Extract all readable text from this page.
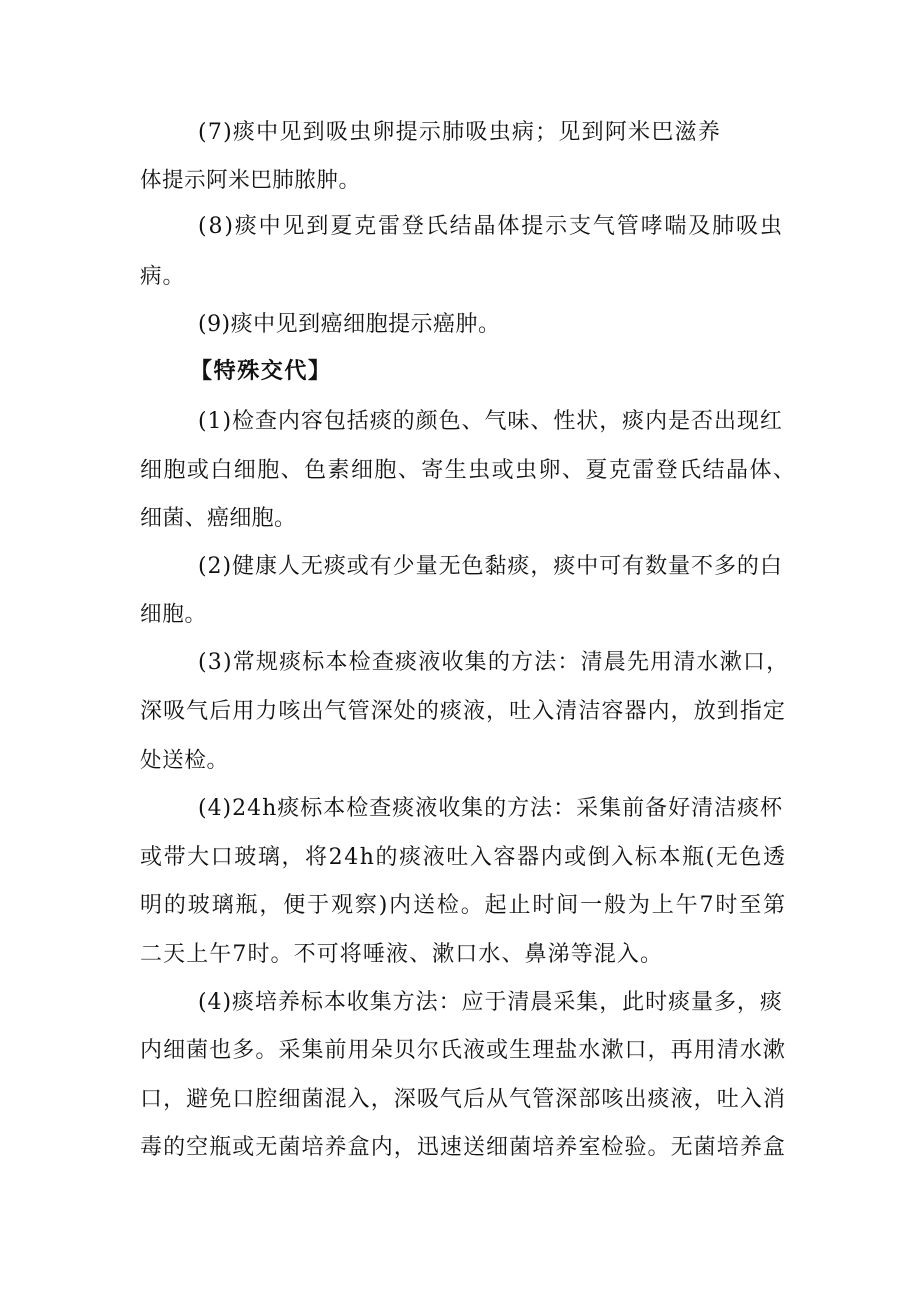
(7)痰中见到吸虫卵提示肺吸虫病；见到阿米巴滋养
体提示阿米巴肺脓肿。
(8)痰中见到夏克雷登氏结晶体提示支气管哮喘及肺吸虫
病。
(9)痰中见到癌细胞提示癌肿。
【特殊交代】
(1)检查内容包括痰的颜色、气味、性状，痰内是否出现红
细胞或白细胞、色素细胞、寄生虫或虫卵、夏克雷登氏结晶体、
细菌、癌细胞。
(2)健康人无痰或有少量无色黏痰，痰中可有数量不多的白
细胞。
(3)常规痰标本检查痰液收集的方法：清晨先用清水漱口，
深吸气后用力咳出气管深处的痰液，吐入清洁容器内，放到指定
处送检。
(4)24h痰标本检查痰液收集的方法：采集前备好清洁痰杯
或带大口玻璃，将24h的痰液吐入容器内或倒入标本瓶(无色透
明的玻璃瓶，便于观察)内送检。起止时间一般为上午7时至第
二天上午7时。不可将唾液、漱口水、鼻涕等混入。
(4)痰培养标本收集方法：应于清晨采集，此时痰量多，痰
内细菌也多。采集前用朵贝尔氏液或生理盐水漱口，再用清水漱
口，避免口腔细菌混入，深吸气后从气管深部咳出痰液，吐入消
毒的空瓶或无菌培养盒内，迅速送细菌培养室检验。无菌培养盒
